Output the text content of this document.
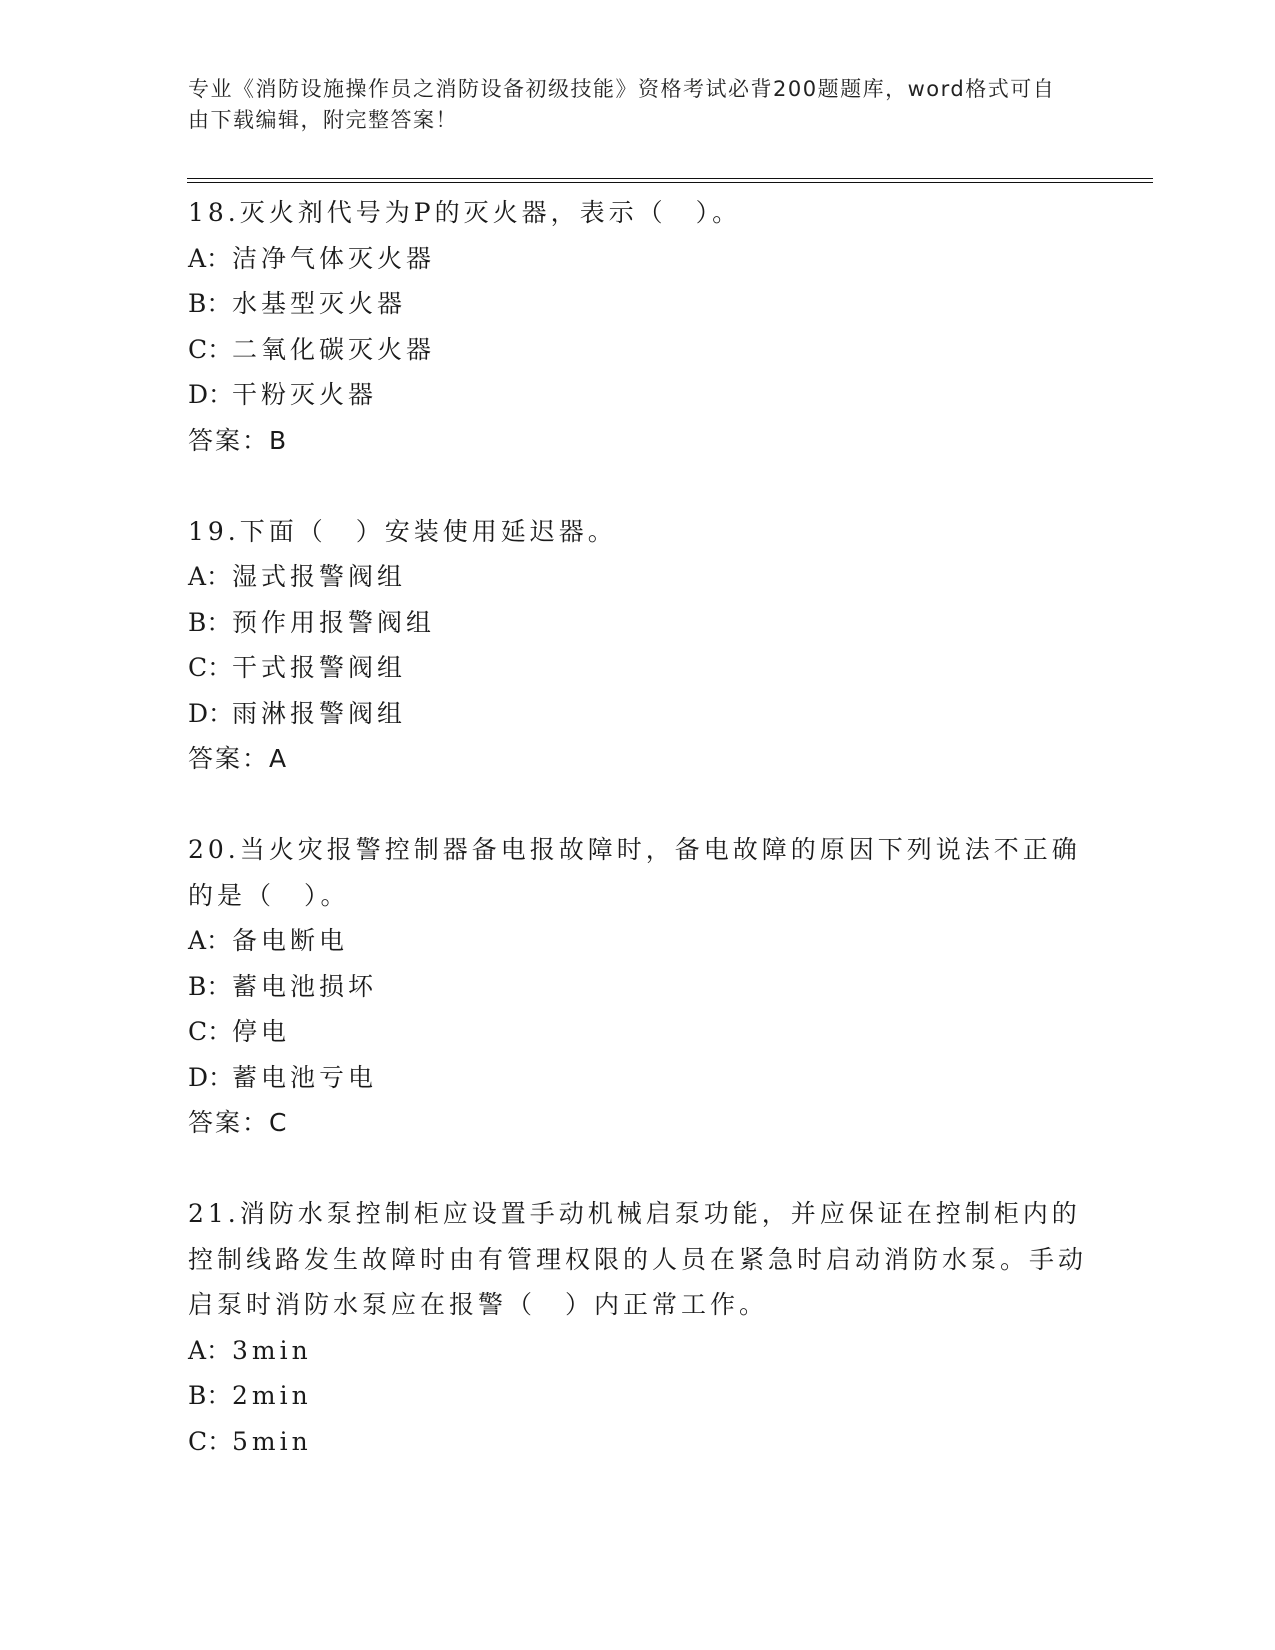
专业《消防设施操作员之消防设备初级技能》资格考试必背200题题库，word格式可自由下载编辑，附完整答案！
18.灭火剂代号为P的灭火器，表示（　）。
A：洁净气体灭火器
B：水基型灭火器
C：二氧化碳灭火器
D：干粉灭火器
答案：B
19.下面（　）安装使用延迟器。
A：湿式报警阀组
B：预作用报警阀组
C：干式报警阀组
D：雨淋报警阀组
答案：A
20.当火灾报警控制器备电报故障时，备电故障的原因下列说法不正确的是（　）。
A：备电断电
B：蓄电池损坏
C：停电
D：蓄电池亏电
答案：C
21.消防水泵控制柜应设置手动机械启泵功能，并应保证在控制柜内的控制线路发生故障时由有管理权限的人员在紧急时启动消防水泵。手动启泵时消防水泵应在报警（　）内正常工作。
A：3min
B：2min
C：5min
